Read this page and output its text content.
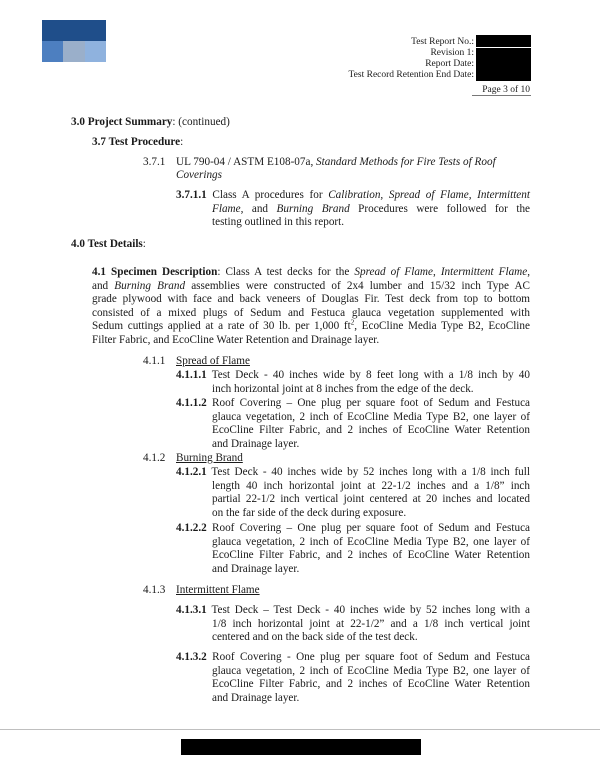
Test Report No.:
Revision 1:
Report Date:
Test Record Retention End Date:
Page 3 of 10
3.0 Project Summary: (continued)
3.7 Test Procedure:
3.7.1 UL 790-04 / ASTM E108-07a, Standard Methods for Fire Tests of Roof
Coverings
3.7.1.1 Class A procedures for Calibration, Spread of Flame, Intermittent
Flame, and Burning Brand Procedures were followed for the
testing outlined in this report.
4.0 Test Details:
4.1 Specimen Description: Class A test decks for the Spread of Flame, Intermittent Flame,
and Burning Brand assemblies were constructed of 2x4 lumber and 15/32 inch Type AC
grade plywood with face and back veneers of Douglas Fir. Test deck from top to bottom
consisted of a mixed plugs of Sedum and Festuca glauca vegetation supplemented with
Sedum cuttings applied at a rate of 30 lb. per 1,000 $ft^2$, EcoCline Media Type B2, EcoCline
Filter Fabric, and EcoCline Water Retention and Drainage layer.
4.1.1 Spread of Flame
4.1.1.1 Test Deck - 40 inches wide by 8 feet long with a 1/8 inch by 40
inch horizontal joint at 8 inches from the edge of the deck.
4.1.1.2 Roof Covering – One plug per square foot of Sedum and Festuca
glauca vegetation, 2 inch of EcoCline Media Type B2, one layer of
EcoCline Filter Fabric, and 2 inches of EcoCline Water Retention
and Drainage layer.
4.1.2 Burning Brand
4.1.2.1 Test Deck - 40 inches wide by 52 inches long with a 1/8 inch full
length 40 inch horizontal joint at 22-1/2 inches and a 1/8” inch
partial 22-1/2 inch vertical joint centered at 20 inches and located
on the far side of the deck during exposure.
4.1.2.2 Roof Covering – One plug per square foot of Sedum and Festuca
glauca vegetation, 2 inch of EcoCline Media Type B2, one layer of
EcoCline Filter Fabric, and 2 inches of EcoCline Water Retention
and Drainage layer.
4.1.3 Intermittent Flame
4.1.3.1 Test Deck – Test Deck - 40 inches wide by 52 inches long with a
1/8 inch horizontal joint at 22-1/2” and a 1/8 inch vertical joint
centered and on the back side of the test deck.
4.1.3.2 Roof Covering - One plug per square foot of Sedum and Festuca
glauca vegetation, 2 inch of EcoCline Media Type B2, one layer of
EcoCline Filter Fabric, and 2 inches of EcoCline Water Retention
and Drainage layer.
